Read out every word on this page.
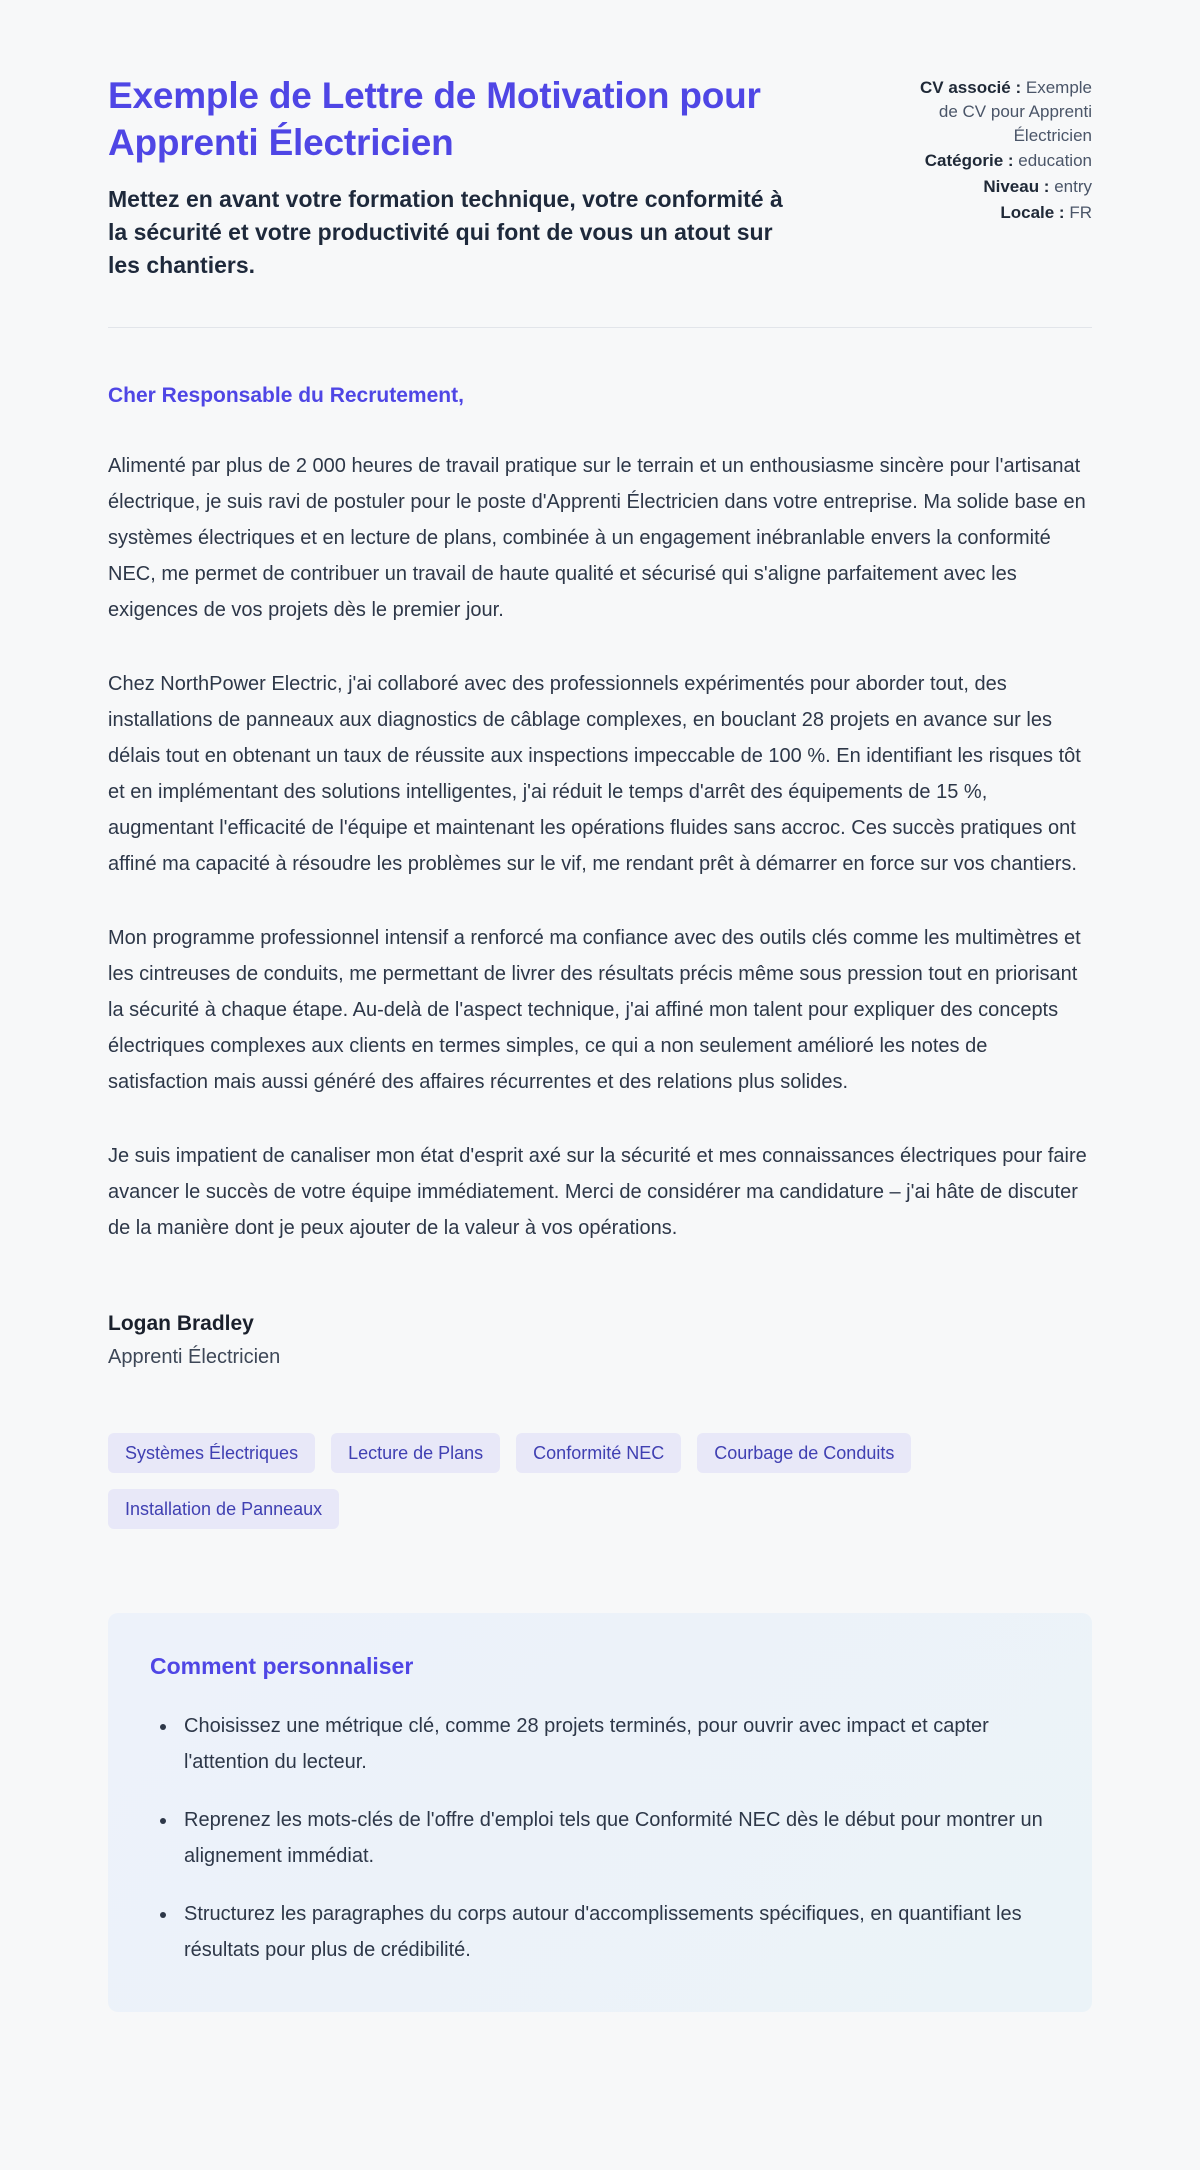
Exemple de Lettre de Motivation pour Apprenti Électricien

Mettez en avant votre formation technique, votre conformité à la sécurité et votre productivité qui font de vous un atout sur les chantiers.

CV associé : Exemple de CV pour Apprenti Électricien
Catégorie : education
Niveau : entry
Locale : FR

Cher Responsable du Recrutement,

Alimenté par plus de 2 000 heures de travail pratique sur le terrain et un enthousiasme sincère pour l'artisanat électrique, je suis ravi de postuler pour le poste d'Apprenti Électricien dans votre entreprise. Ma solide base en systèmes électriques et en lecture de plans, combinée à un engagement inébranlable envers la conformité NEC, me permet de contribuer un travail de haute qualité et sécurisé qui s'aligne parfaitement avec les exigences de vos projets dès le premier jour.

Chez NorthPower Electric, j'ai collaboré avec des professionnels expérimentés pour aborder tout, des installations de panneaux aux diagnostics de câblage complexes, en bouclant 28 projets en avance sur les délais tout en obtenant un taux de réussite aux inspections impeccable de 100 %. En identifiant les risques tôt et en implémentant des solutions intelligentes, j'ai réduit le temps d'arrêt des équipements de 15 %, augmentant l'efficacité de l'équipe et maintenant les opérations fluides sans accroc. Ces succès pratiques ont affiné ma capacité à résoudre les problèmes sur le vif, me rendant prêt à démarrer en force sur vos chantiers.

Mon programme professionnel intensif a renforcé ma confiance avec des outils clés comme les multimètres et les cintreuses de conduits, me permettant de livrer des résultats précis même sous pression tout en priorisant la sécurité à chaque étape. Au-delà de l'aspect technique, j'ai affiné mon talent pour expliquer des concepts électriques complexes aux clients en termes simples, ce qui a non seulement amélioré les notes de satisfaction mais aussi généré des affaires récurrentes et des relations plus solides.

Je suis impatient de canaliser mon état d'esprit axé sur la sécurité et mes connaissances électriques pour faire avancer le succès de votre équipe immédiatement. Merci de considérer ma candidature – j'ai hâte de discuter de la manière dont je peux ajouter de la valeur à vos opérations.

Logan Bradley

Apprenti Électricien

Systèmes Électriques	Lecture de Plans	Conformité NEC	Courbage de Conduits
Installation de Panneaux
Comment personnaliser
• Choisissez une métrique clé, comme 28 projets terminés, pour ouvrir avec impact et capter l'attention du lecteur.
• Reprenez les mots-clés de l'offre d'emploi tels que Conformité NEC dès le début pour montrer un alignement immédiat.
• Structurez les paragraphes du corps autour d'accomplissements spécifiques, en quantifiant les résultats pour plus de crédibilité.
